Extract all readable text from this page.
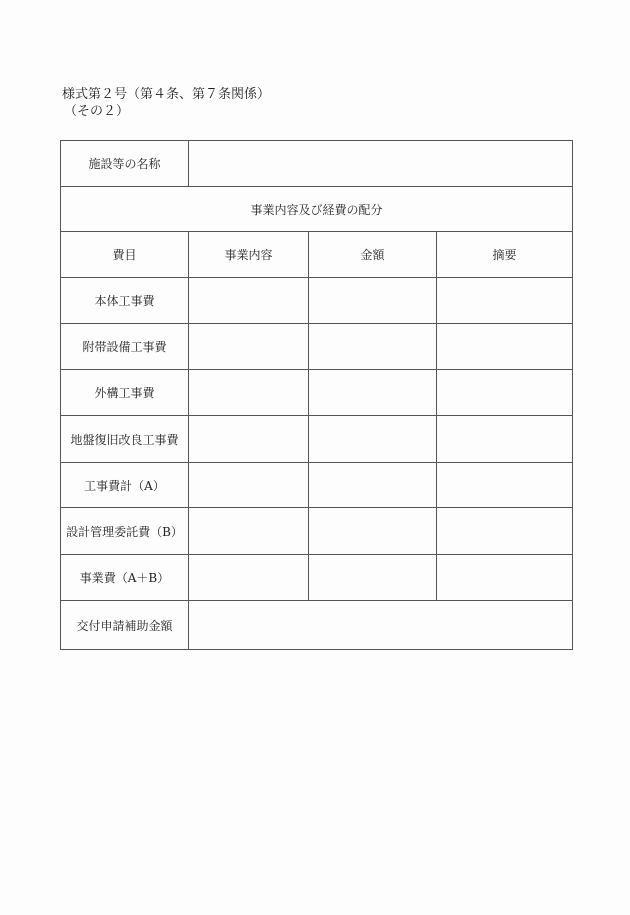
様式第２号（第４条、第７条関係）
（その２）
施設等の名称			
事業内容及び経費の配分			
費目	事業内容	金額	摘要
本体工事費			
附帯設備工事費			
外構工事費			
地盤復旧改良工事費			
工事費計（A）			
設計管理委託費（B）			
事業費（A＋B）			
交付申請補助金額			
